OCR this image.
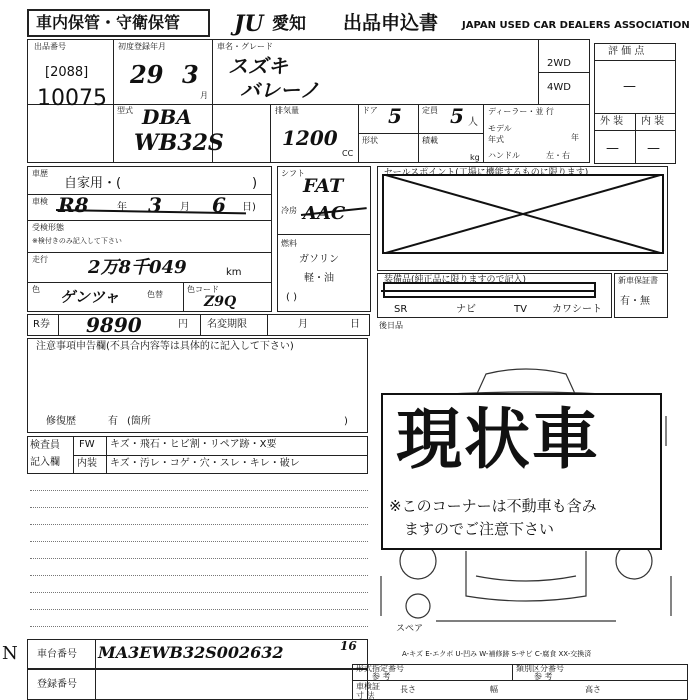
車内保管・守衛保管 JU 愛知 出品申込書 JAPAN USED CAR DEALERS ASSOCIATION
出品番号
[2088]
10075
初度登録年月
29 3
月
車名・グレード
スズキ
バレーノ
2WD
4WD
型式 DBA
WB32S
排気量
1200
CC
ドア 5	定員 5 人
形状	積載
kg
ディーラー・並 行
モデル
年式	年
ハンドル	左・右
評 価 点
—
外 装 内 装
— —
車歴
自家用・(	)
車検 R8	年 3 月 6 日)
受検形態
※検付きのみ記入して下さい
走行 2万8千049	km
色 ゲンツャ	色替
色コード
Z9Q
シフト
FAT
冷房 AAC
燃料
ガソリン
軽・油
( )
セールスポイント(工場に機能するものに限ります)
装備品(純正品に限りますので記入)
SR	ナビ	TV	カワシート
新車保証書
有・無
R券 9890	円 名変期限	月	日 後日品
注意事項申告欄(不具合内容等は具体的に記入して下さい)
修復歴	有 (箇所	)
検査員
記入欄
FW キズ・飛石・ヒビ割・リペア跡・X要
内装 キズ・汚レ・コゲ・穴・スレ・キレ・破レ
スペア
A-キズ E-エクボ U-凹み W-補修跡 S-サビ C-腐食 XX-交換済
現状車
※このコーナーは不動車も含み
ますのでご注意下さい
車台番号 MA3EWB32S002632	16
登録番号
N
形式指定番号
参 考
類別区分番号
参 考
車検証
寸 法
長さ	幅	高さ
